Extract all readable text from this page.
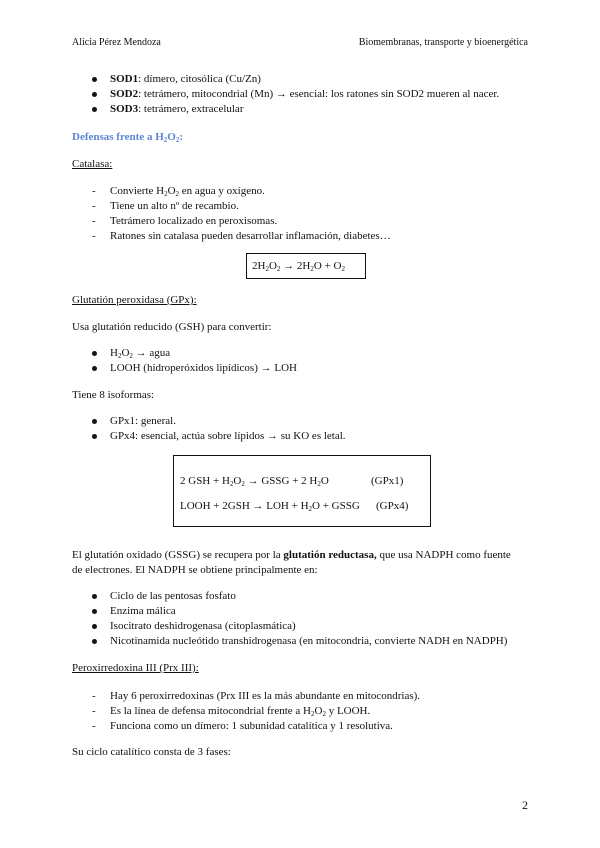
Alicia Pérez Mendoza	Biomembranas, transporte y bioenergética
SOD1: dímero, citosólica (Cu/Zn)
SOD2: tetrámero, mitocondrial (Mn) → esencial: los ratones sin SOD2 mueren al nacer.
SOD3: tetrámero, extracelular
Defensas frente a $H_2O_2$:
Catalasa:
- Convierte $H_2O_2$ en agua y oxígeno.
- Tiene un alto nº de recambio.
- Tetrámero localizado en peroxisomas.
- Ratones sin catalasa pueden desarrollar inflamación, diabetes…
$2H_2O_2 \to 2H_2O + O_2$
Glutatión peroxidasa (GPx):
Usa glutatión reducido (GSH) para convertir:
$H_2O_2$ → agua
LOOH (hidroperóxidos lipídicos) → LOH
Tiene 8 isoformas:
GPx1: general.
GPx4: esencial, actúa sobre lípidos → su KO es letal.
2 GSH + $H_2O_2$ → GSSG + 2 $H_2O$	(GPx1)
LOOH + 2GSH → LOH + $H_2O$ + GSSG (GPx4)
El glutatión oxidado (GSSG) se recupera por la glutatión reductasa, que usa NADPH como fuente
de electrones. El NADPH se obtiene principalmente en:
Ciclo de las pentosas fosfato
Enzima málica
Isocitrato deshidrogenasa (citoplasmática)
Nicotinamida nucleótido transhidrogenasa (en mitocondria, convierte NADH en NADPH)
Peroxirredoxina III (Prx III):
- Hay 6 peroxirredoxinas (Prx III es la más abundante en mitocondrias).
- Es la línea de defensa mitocondrial frente a $H_2O_2$ y LOOH.
- Funciona como un dímero: 1 subunidad catalítica y 1 resolutiva.
Su ciclo catalítico consta de 3 fases:
2
